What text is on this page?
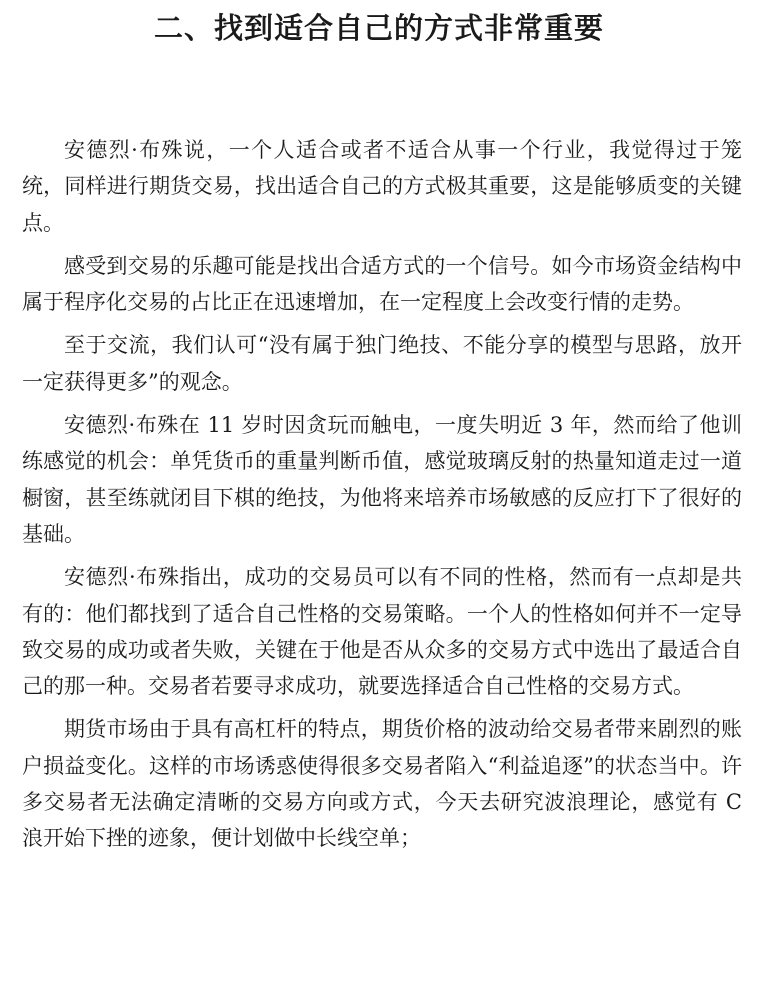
二、找到适合自己的方式非常重要

安德烈·布殊说，一个人适合或者不适合从事一个行业，我觉得过于笼统，同样进行期货交易，找出适合自己的方式极其重要，这是能够质变的关键点。

感受到交易的乐趣可能是找出合适方式的一个信号。如今市场资金结构中属于程序化交易的占比正在迅速增加，在一定程度上会改变行情的走势。

至于交流，我们认可“没有属于独门绝技、不能分享的模型与思路，放开一定获得更多”的观念。

安德烈·布殊在 11 岁时因贪玩而触电，一度失明近 3 年，然而给了他训练感觉的机会：单凭货币的重量判断币值，感觉玻璃反射的热量知道走过一道橱窗，甚至练就闭目下棋的绝技，为他将来培养市场敏感的反应打下了很好的基础。

安德烈·布殊指出，成功的交易员可以有不同的性格，然而有一点却是共有的：他们都找到了适合自己性格的交易策略。一个人的性格如何并不一定导致交易的成功或者失败，关键在于他是否从众多的交易方式中选出了最适合自己的那一种。交易者若要寻求成功，就要选择适合自己性格的交易方式。

期货市场由于具有高杠杆的特点，期货价格的波动给交易者带来剧烈的账户损益变化。这样的市场诱惑使得很多交易者陷入“利益追逐”的状态当中。许多交易者无法确定清晰的交易方向或方式，今天去研究波浪理论，感觉有 C 浪开始下挫的迹象，便计划做中长线空单；
